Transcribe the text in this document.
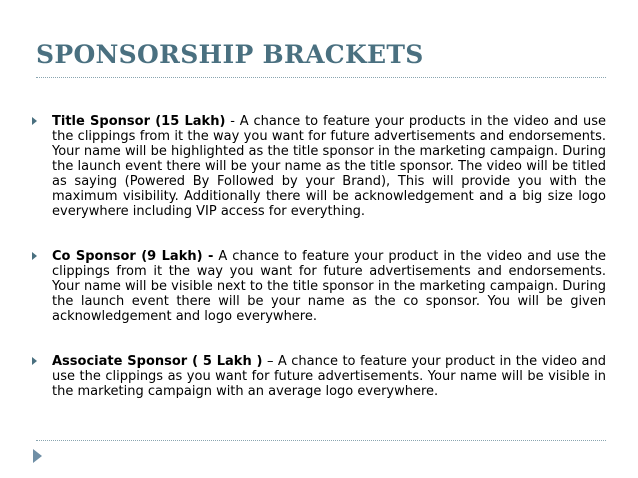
SPONSORSHIP BRACKETS
Title Sponsor (15 Lakh) - A chance to feature your products in the video and use the clippings from it the way you want for future advertisements and endorsements. Your name will be highlighted as the title sponsor in the marketing campaign. During the launch event there will be your name as the title sponsor. The video will be titled as saying (Powered By Followed by your Brand), This will provide you with the maximum visibility. Additionally there will be acknowledgement and a big size logo everywhere including VIP access for everything.
Co Sponsor (9 Lakh) - A chance to feature your product in the video and use the clippings from it the way you want for future advertisements and endorsements. Your name will be visible next to the title sponsor in the marketing campaign. During the launch event there will be your name as the co sponsor. You will be given acknowledgement and logo everywhere.
Associate Sponsor ( 5 Lakh ) – A chance to feature your product in the video and use the clippings as you want for future advertisements. Your name will be visible in the marketing campaign with an average logo everywhere.
